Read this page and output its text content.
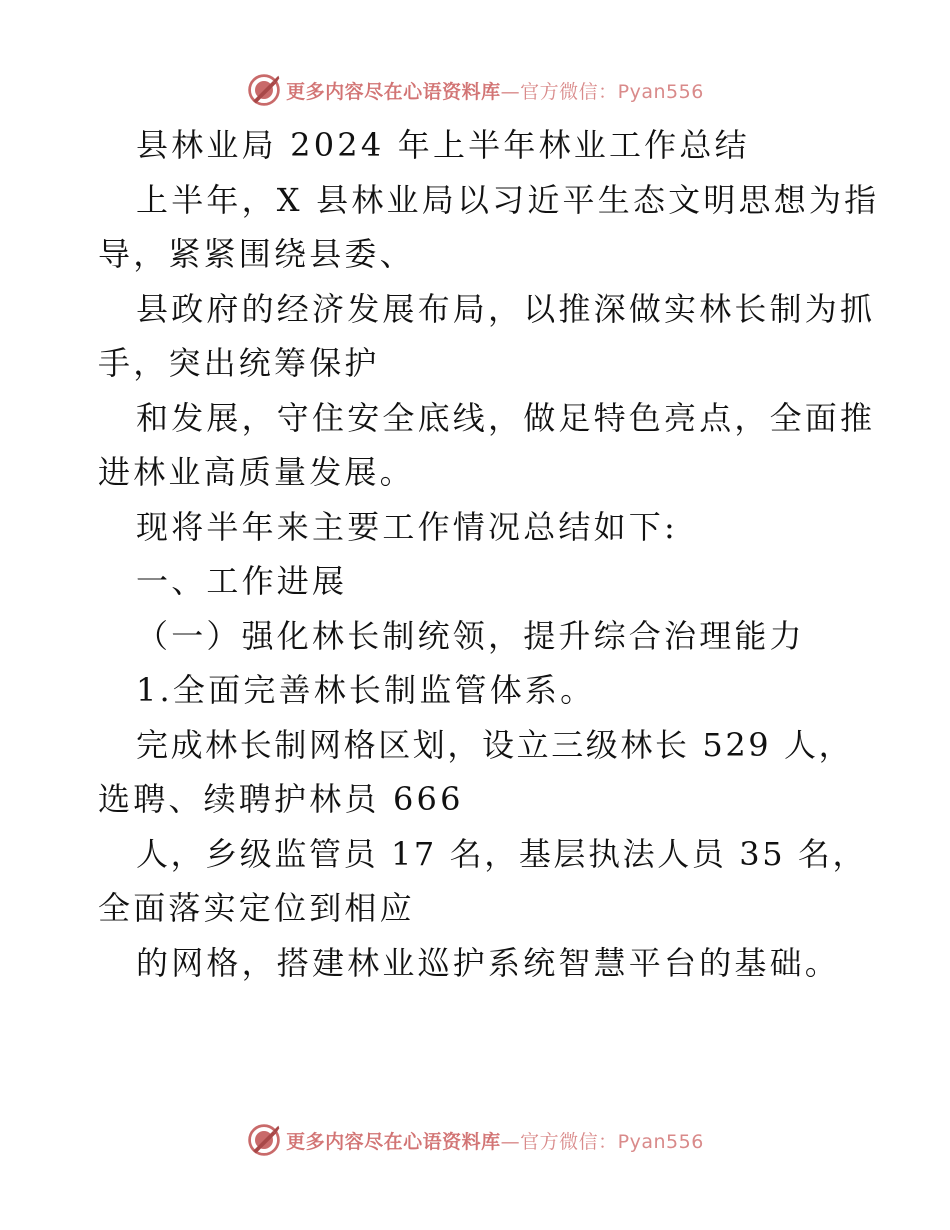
更多内容尽在心语资料库—官方微信：Pyan556
县林业局 2024 年上半年林业工作总结
上半年，X 县林业局以习近平生态文明思想为指
导，紧紧围绕县委、
县政府的经济发展布局，以推深做实林长制为抓
手，突出统筹保护
和发展，守住安全底线，做足特色亮点，全面推
进林业高质量发展。
现将半年来主要工作情况总结如下:
一、工作进展
（一）强化林长制统领，提升综合治理能力
1.全面完善林长制监管体系。
完成林长制网格区划，设立三级林长 529 人，
选聘、续聘护林员 666
人，乡级监管员 17 名，基层执法人员 35 名，
全面落实定位到相应
的网格，搭建林业巡护系统智慧平台的基础。
更多内容尽在心语资料库—官方微信：Pyan556
